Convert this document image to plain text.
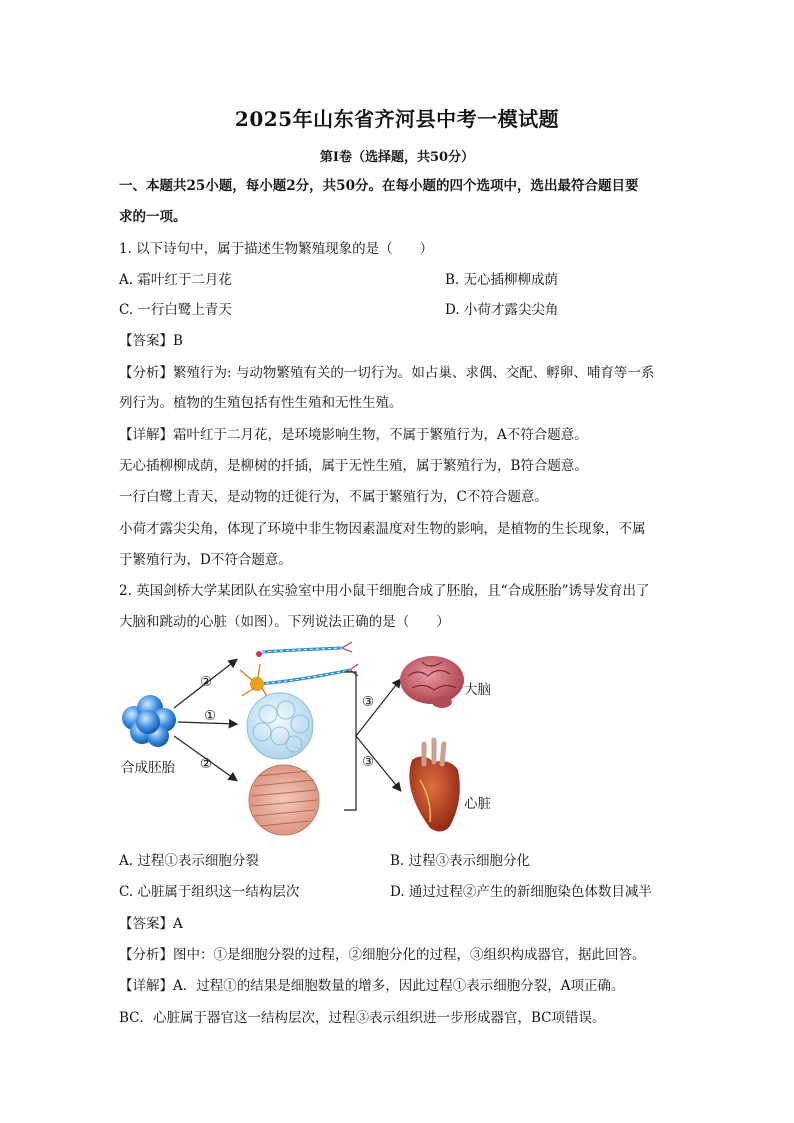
2025年山东省齐河县中考一模试题
第Ⅰ卷（选择题，共50分）
一、本题共25小题，每小题2分，共50分。在每小题的四个选项中，选出最符合题目要
求的一项。
1. 以下诗句中，属于描述生物繁殖现象的是（　　）
A. 霜叶红于二月花	B. 无心插柳柳成荫
C. 一行白鹭上青天	D. 小荷才露尖尖角
【答案】B
【分析】繁殖行为: 与动物繁殖有关的一切行为。如占巢、求偶、交配、孵卵、哺育等一系
列行为。植物的生殖包括有性生殖和无性生殖。
【详解】霜叶红于二月花，是环境影响生物，不属于繁殖行为，A不符合题意。
无心插柳柳成荫，是柳树的扦插，属于无性生殖，属于繁殖行为，B符合题意。
一行白鹭上青天，是动物的迁徙行为，不属于繁殖行为，C不符合题意。
小荷才露尖尖角，体现了环境中非生物因素温度对生物的影响，是植物的生长现象，不属
于繁殖行为，D不符合题意。
2. 英国剑桥大学某团队在实验室中用小鼠干细胞合成了胚胎，且“合成胚胎”诱导发育出了
大脑和跳动的心脏（如图）。下列说法正确的是（　　）
②
①
②
合成胚胎
③
③
大脑
心脏
A. 过程①表示细胞分裂	B. 过程③表示细胞分化
C. 心脏属于组织这一结构层次	D. 通过过程②产生的新细胞染色体数目减半
【答案】A
【分析】图中：①是细胞分裂的过程，②细胞分化的过程，③组织构成器官，据此回答。
【详解】A．过程①的结果是细胞数量的增多，因此过程①表示细胞分裂，A项正确。
BC．心脏属于器官这一结构层次，过程③表示组织进一步形成器官，BC项错误。
